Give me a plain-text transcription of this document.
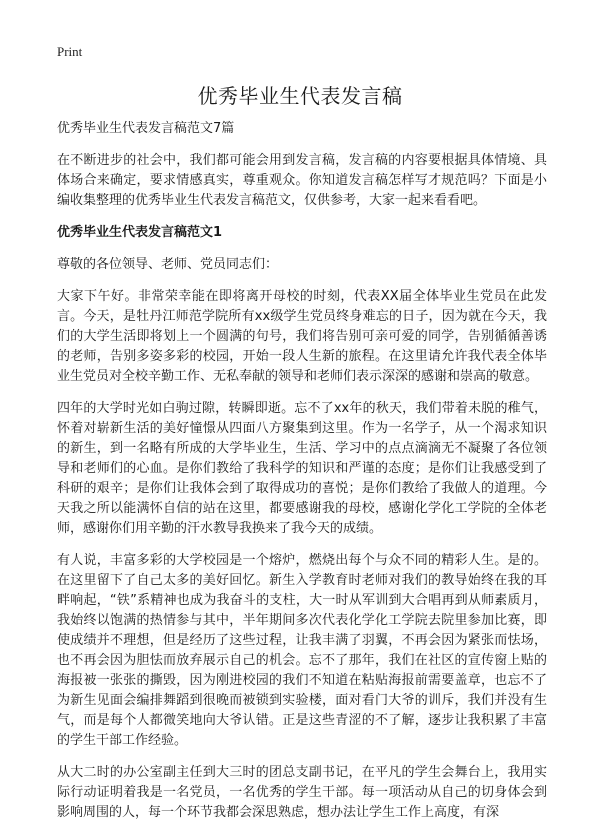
Print
优秀毕业生代表发言稿
优秀毕业生代表发言稿范文7篇

在不断进步的社会中，我们都可能会用到发言稿，发言稿的内容要根据具体情境、具体场合来确定，要求情感真实，尊重观众。你知道发言稿怎样写才规范吗？下面是小编收集整理的优秀毕业生代表发言稿范文，仅供参考，大家一起来看看吧。

优秀毕业生代表发言稿范文1

尊敬的各位领导、老师、党员同志们：

大家下午好。非常荣幸能在即将离开母校的时刻，代表XX届全体毕业生党员在此发言。今天，是牡丹江师范学院所有xx级学生党员终身难忘的日子，因为就在今天，我们的大学生活即将划上一个圆满的句号，我们将告别可亲可爱的同学，告别循循善诱的老师，告别多姿多彩的校园，开始一段人生新的旅程。在这里请允许我代表全体毕业生党员对全校辛勤工作、无私奉献的领导和老师们表示深深的感谢和崇高的敬意。

四年的大学时光如白驹过隙，转瞬即逝。忘不了xx年的秋天，我们带着未脱的稚气，怀着对崭新生活的美好憧憬从四面八方聚集到这里。作为一名学子，从一个渴求知识的新生，到一名略有所成的大学毕业生，生活、学习中的点点滴滴无不凝聚了各位领导和老师们的心血。是你们教给了我科学的知识和严谨的态度；是你们让我感受到了科研的艰辛；是你们让我体会到了取得成功的喜悦；是你们教给了我做人的道理。今天我之所以能满怀自信的站在这里，都要感谢我的母校，感谢化学化工学院的全体老师，感谢你们用辛勤的汗水教导我换来了我今天的成绩。

有人说，丰富多彩的大学校园是一个熔炉，燃烧出每个与众不同的精彩人生。是的。在这里留下了自己太多的美好回忆。新生入学教育时老师对我们的教导始终在我的耳畔响起，“铁”系精神也成为我奋斗的支柱，大一时从军训到大合唱再到从师素质月，我始终以饱满的热情参与其中，半年期间多次代表化学化工学院去院里参加比赛，即使成绩并不理想，但是经历了这些过程，让我丰满了羽翼，不再会因为紧张而怯场，也不再会因为胆怯而放弃展示自己的机会。忘不了那年，我们在社区的宣传窗上贴的海报被一张张的撕毁，因为刚进校园的我们不知道在粘贴海报前需要盖章，也忘不了为新生见面会编排舞蹈到很晚而被锁到实验楼，面对看门大爷的训斥，我们并没有生气，而是每个人都微笑地向大爷认错。正是这些青涩的不了解，逐步让我积累了丰富的学生干部工作经验。

从大二时的办公室副主任到大三时的团总支副书记，在平凡的学生会舞台上，我用实际行动证明着我是一名党员，一名优秀的学生干部。每一项活动从自己的切身体会到影响周围的人，每一个环节我都会深思熟虑，想办法让学生工作上高度，有深
